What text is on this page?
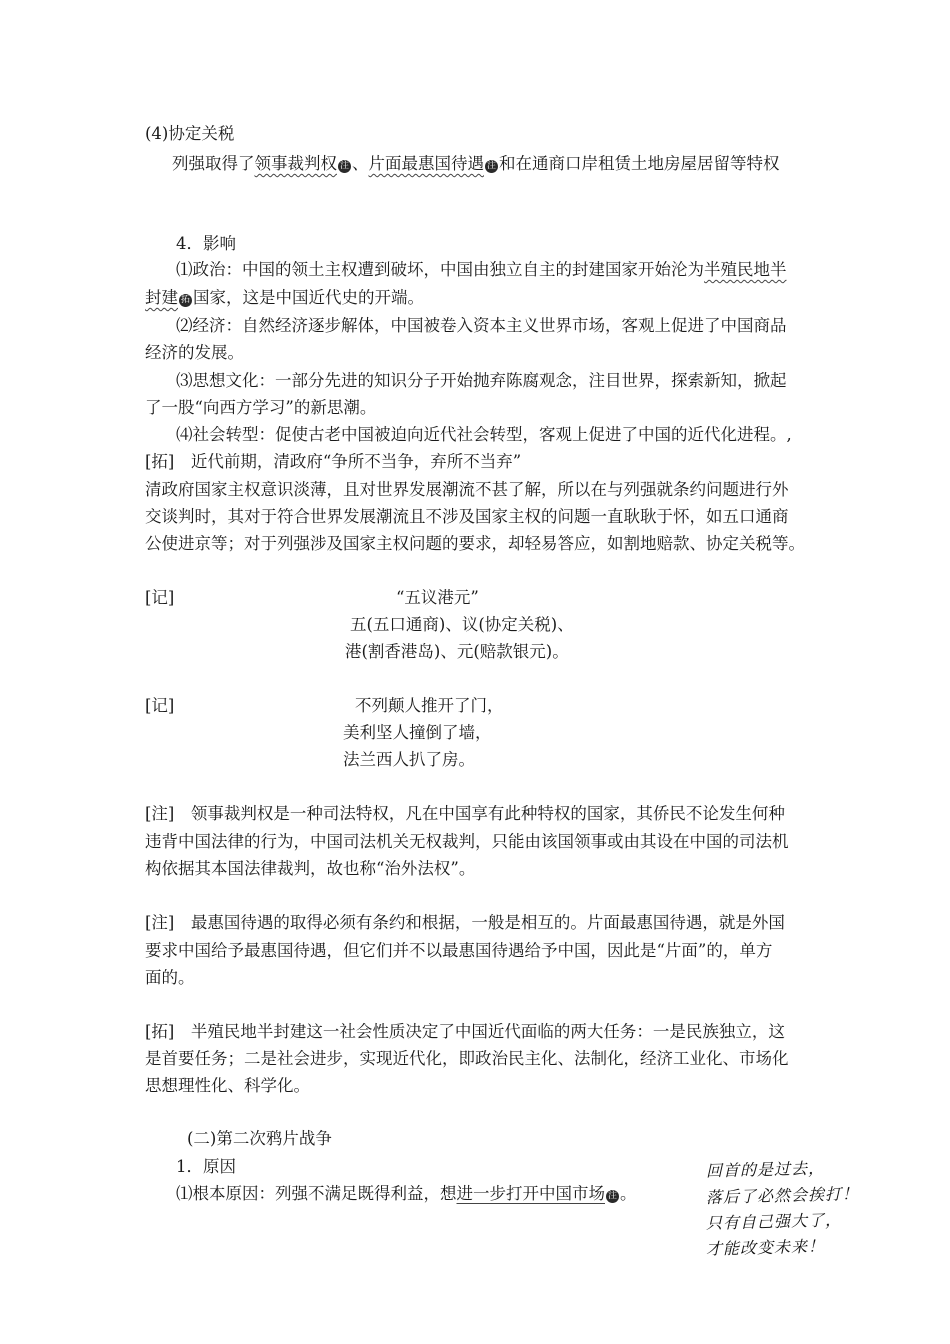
(4)协定关税
列强取得了领事裁判权 注 、片面最惠国待遇 注 和在通商口岸租赁土地房屋居留等特权
4．影响
⑴政治：中国的领土主权遭到破坏，中国由独立自主的封建国家开始沦为半殖民地半
封建 拓 国家，这是中国近代史的开端。
⑵经济：自然经济逐步解体，中国被卷入资本主义世界市场，客观上促进了中国商品
经济的发展。
⑶思想文化：一部分先进的知识分子开始抛弃陈腐观念，注目世界，探索新知，掀起
了一股“向西方学习”的新思潮。
⑷社会转型：促使古老中国被迫向近代社会转型，客观上促进了中国的近代化进程。,
[拓]　近代前期，清政府“争所不当争，弃所不当弃”
清政府国家主权意识淡薄，且对世界发展潮流不甚了解，所以在与列强就条约问题进行外
交谈判时，其对于符合世界发展潮流且不涉及国家主权的问题一直耿耿于怀，如五口通商
公使进京等；对于列强涉及国家主权问题的要求，却轻易答应，如割地赔款、协定关税等。
[记]	“五议港元”
五(五口通商)、议(协定关税)、
港(割香港岛)、元(赔款银元)。
[记]	不列颠人推开了门，
美利坚人撞倒了墙，
法兰西人扒了房。
[注]　领事裁判权是一种司法特权，凡在中国享有此种特权的国家，其侨民不论发生何种
违背中国法律的行为，中国司法机关无权裁判，只能由该国领事或由其设在中国的司法机
构依据其本国法律裁判，故也称“治外法权”。
[注]　最惠国待遇的取得必须有条约和根据，一般是相互的。片面最惠国待遇，就是外国
要求中国给予最惠国待遇，但它们并不以最惠国待遇给予中国，因此是“片面”的，单方
面的。
[拓]　半殖民地半封建这一社会性质决定了中国近代面临的两大任务：一是民族独立，这
是首要任务；二是社会进步，实现近代化，即政治民主化、法制化，经济工业化、市场化
思想理性化、科学化。
(二)第二次鸦片战争
1．原因
⑴根本原因：列强不满足既得利益，想进一步打开中国市场 注 。
回首的是过去，
落后了必然会挨打！
只有自己强大了，
才能改变未来！
